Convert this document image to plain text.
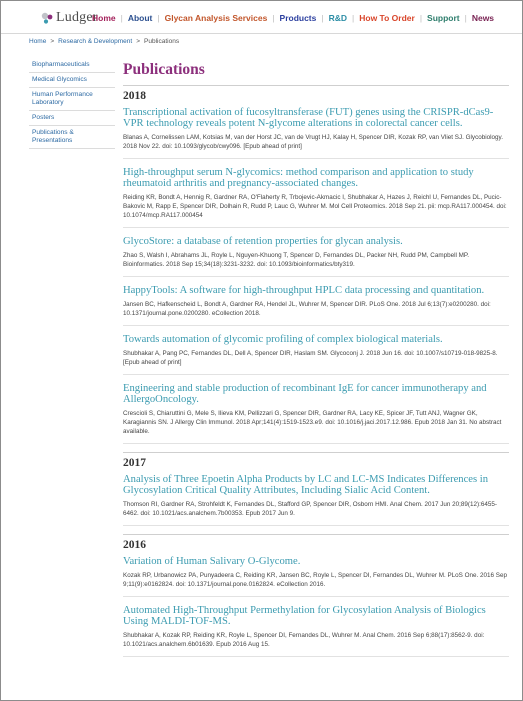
Ludger
Home | About | Glycan Analysis Services | Products | R&D | How To Order | Support | News
Home > Research & Development > Publications
Biopharmaceuticals
Medical Glycomics
Human Performance Laboratory
Posters
Publications & Presentations
Publications
2018
Transcriptional activation of fucosyltransferase (FUT) genes using the CRISPR-dCas9-VPR technology reveals potent N-glycome alterations in colorectal cancer cells.
Blanas A, Cornelissen LAM, Kotsias M, van der Horst JC, van de Vrugt HJ, Kalay H, Spencer DIR, Kozak RP, van Vliet SJ. Glycobiology. 2018 Nov 22. doi: 10.1093/glycob/cwy096. [Epub ahead of print]
High-throughput serum N-glycomics: method comparison and application to study rheumatoid arthritis and pregnancy-associated changes.
Reiding KR, Bondt A, Hennig R, Gardner RA, O'Flaherty R, Trbojevic-Akmacic I, Shubhakar A, Hazes J, Reichl U, Fernandes DL, Pucic-Bakovic M, Rapp E, Spencer DIR, Dolhain R, Rudd P, Lauc G, Wuhrer M. Mol Cell Proteomics. 2018 Sep 21. pii: mcp.RA117.000454. doi: 10.1074/mcp.RA117.000454
GlycoStore: a database of retention properties for glycan analysis.
Zhao S, Walsh I, Abrahams JL, Royle L, Nguyen-Khuong T, Spencer D, Fernandes DL, Packer NH, Rudd PM, Campbell MP. Bioinformatics. 2018 Sep 15;34(18):3231-3232. doi: 10.1093/bioinformatics/bty319.
HappyTools: A software for high-throughput HPLC data processing and quantitation.
Jansen BC, Hafkenscheid L, Bondt A, Gardner RA, Hendel JL, Wuhrer M, Spencer DIR. PLoS One. 2018 Jul 6;13(7):e0200280. doi: 10.1371/journal.pone.0200280. eCollection 2018.
Towards automation of glycomic profiling of complex biological materials.
Shubhakar A, Pang PC, Fernandes DL, Dell A, Spencer DIR, Haslam SM. Glycoconj J. 2018 Jun 16. doi: 10.1007/s10719-018-9825-8. [Epub ahead of print]
Engineering and stable production of recombinant IgE for cancer immunotherapy and AllergoOncology.
Crescioli S, Chiaruttini G, Mele S, Ilieva KM, Pellizzari G, Spencer DIR, Gardner RA, Lacy KE, Spicer JF, Tutt ANJ, Wagner GK, Karagiannis SN. J Allergy Clin Immunol. 2018 Apr;141(4):1519-1523.e9. doi: 10.1016/j.jaci.2017.12.986. Epub 2018 Jan 31. No abstract available.
2017
Analysis of Three Epoetin Alpha Products by LC and LC-MS Indicates Differences in Glycosylation Critical Quality Attributes, Including Sialic Acid Content.
Thomson RI, Gardner RA, Strohfeldt K, Fernandes DL, Stafford GP, Spencer DIR, Osborn HMI. Anal Chem. 2017 Jun 20;89(12):6455-6462. doi: 10.1021/acs.analchem.7b00353. Epub 2017 Jun 9.
2016
Variation of Human Salivary O-Glycome.
Kozak RP, Urbanowicz PA, Punyadeera C, Reiding KR, Jansen BC, Royle L, Spencer DI, Fernandes DL, Wuhrer M. PLoS One. 2016 Sep 9;11(9):e0162824. doi: 10.1371/journal.pone.0162824. eCollection 2016.
Automated High-Throughput Permethylation for Glycosylation Analysis of Biologics Using MALDI-TOF-MS.
Shubhakar A, Kozak RP, Reiding KR, Royle L, Spencer DI, Fernandes DL, Wuhrer M. Anal Chem. 2016 Sep 6;88(17):8562-9. doi: 10.1021/acs.analchem.6b01639. Epub 2016 Aug 15.
